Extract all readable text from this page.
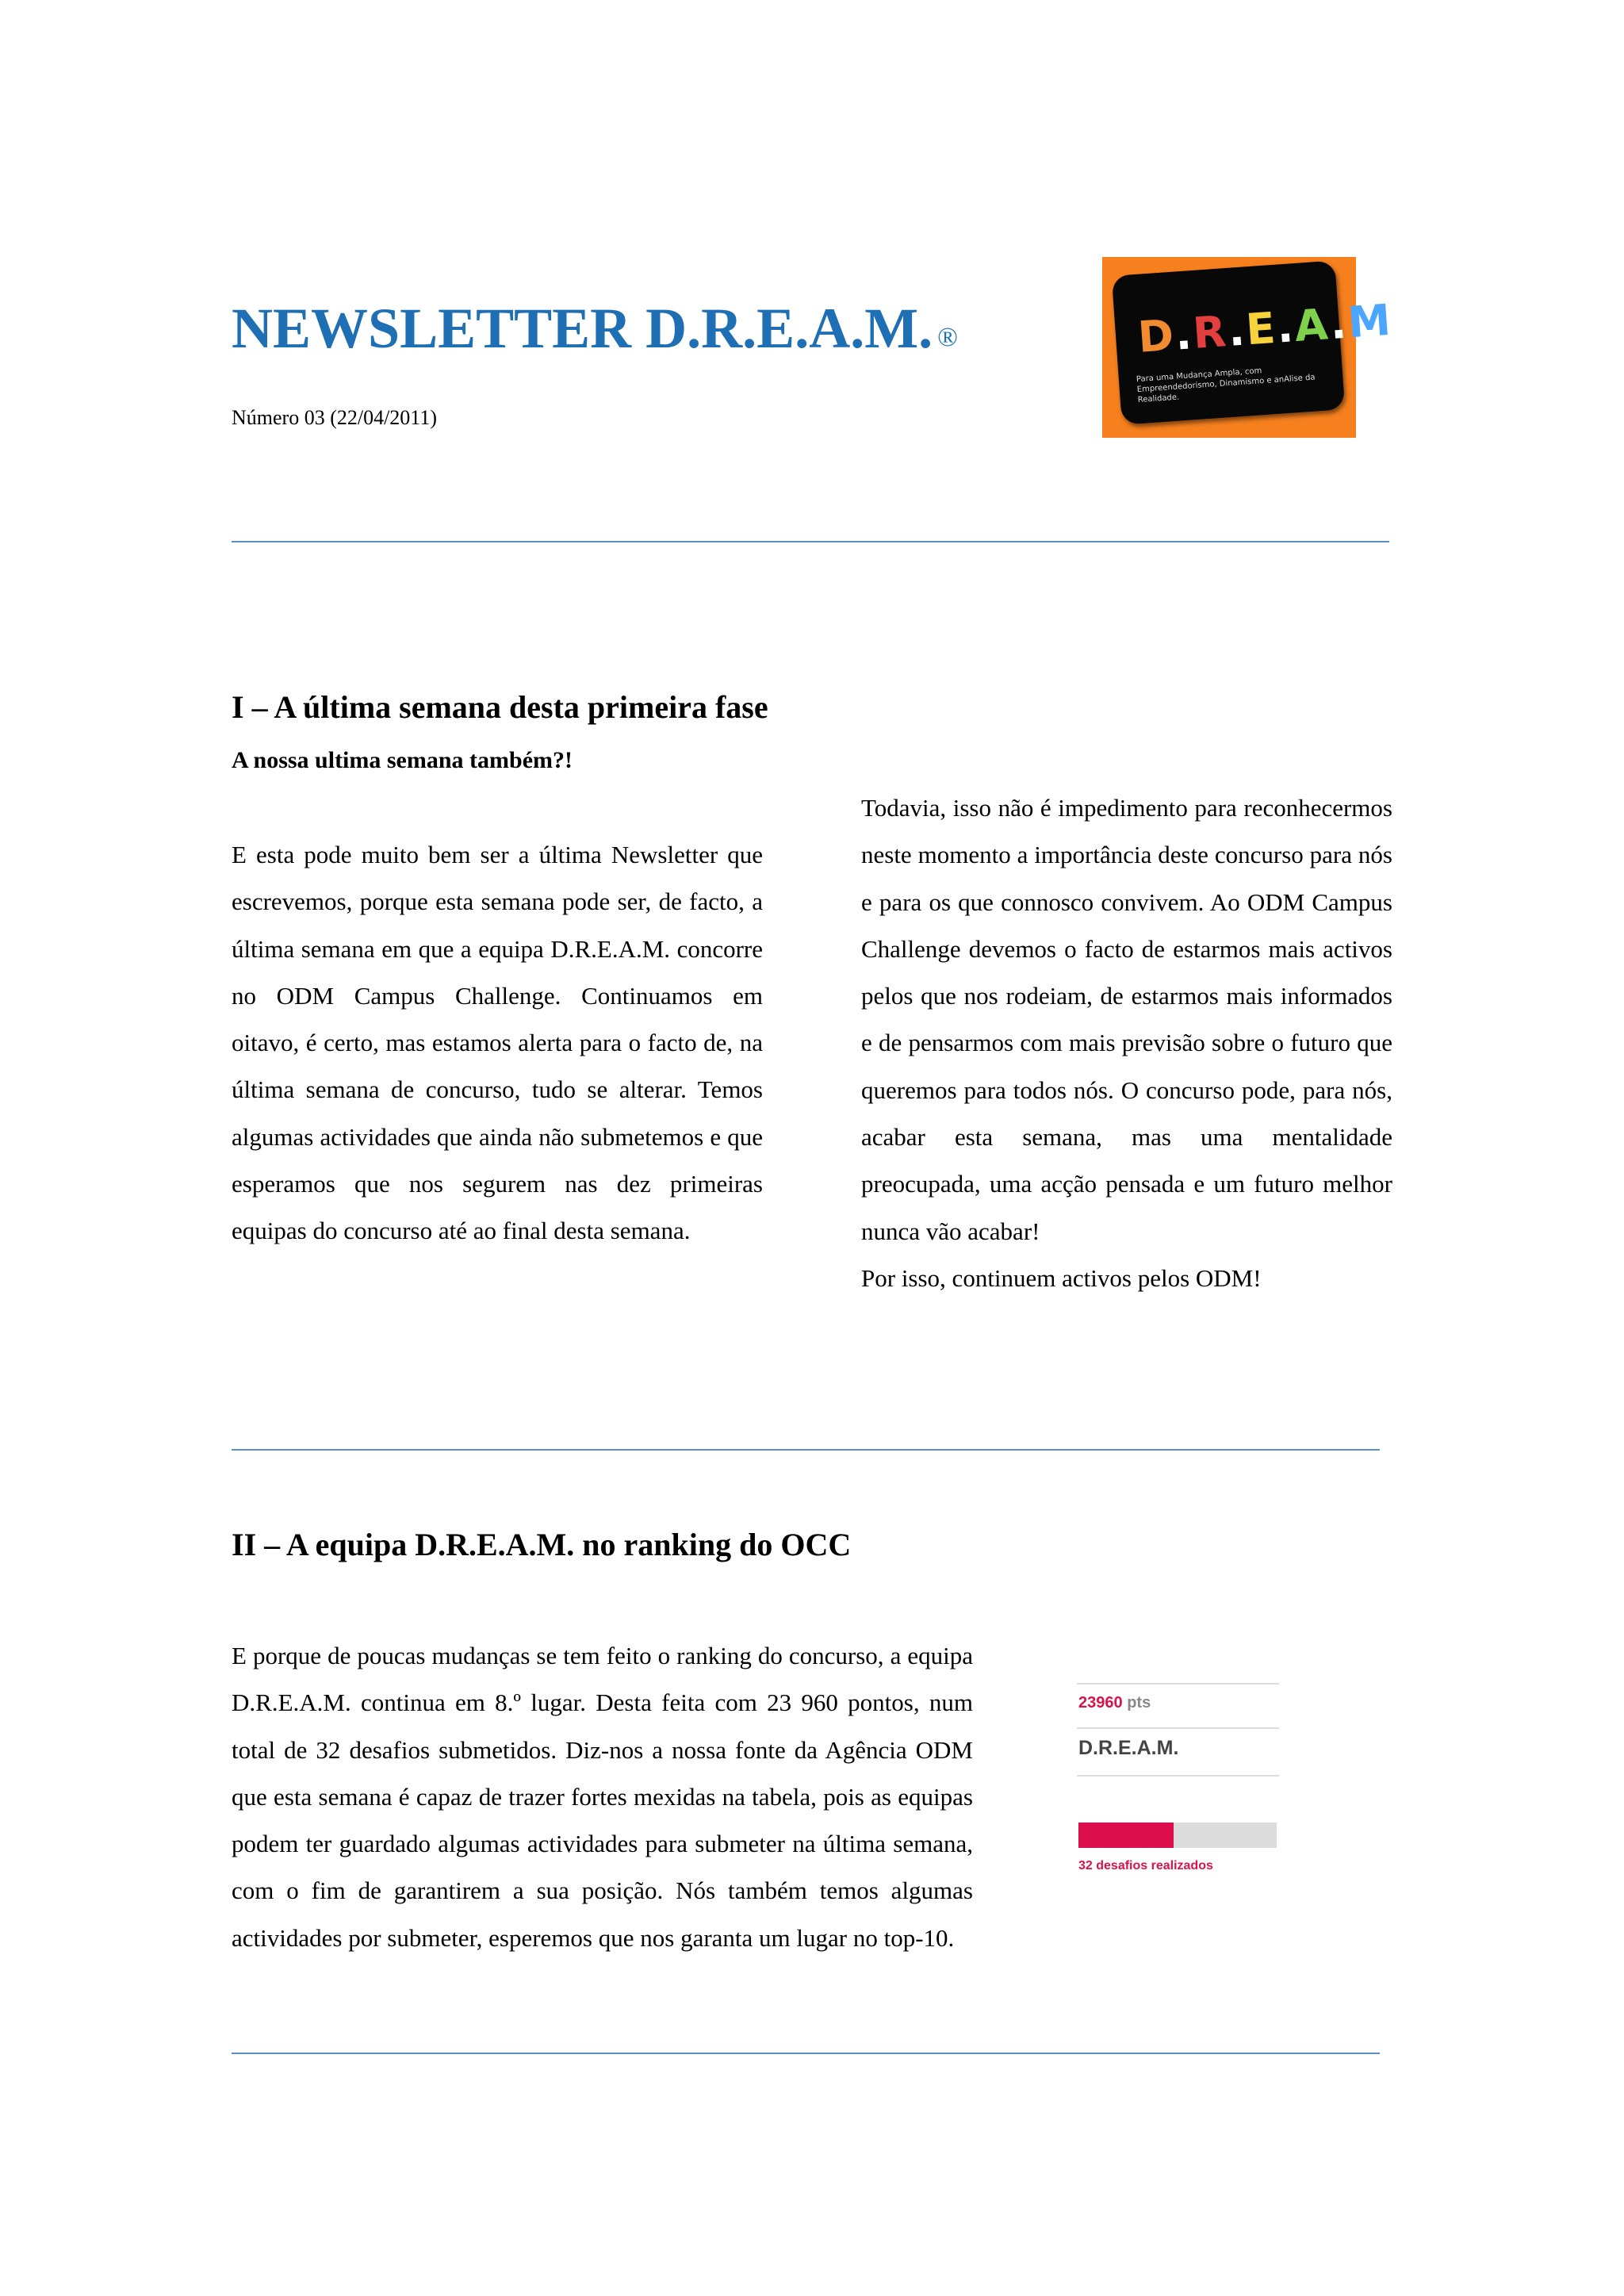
NEWSLETTER D.R.E.A.M. ®
Número 03 (22/04/2011)
D.R.E.A.M.
Para uma Mudança Ampla, com Empreendedorismo, Dinamismo e anAlise da Realidade.
I – A última semana desta primeira fase
A nossa ultima semana também?!

E esta pode muito bem ser a última Newsletter que escrevemos, porque esta semana pode ser, de facto, a última semana em que a equipa D.R.E.A.M. concorre no ODM Campus Challenge. Continuamos em oitavo, é certo, mas estamos alerta para o facto de, na última semana de concurso, tudo se alterar. Temos algumas actividades que ainda não submetemos e que esperamos que nos segurem nas dez primeiras equipas do concurso até ao final desta semana.

Todavia, isso não é impedimento para reconhecermos neste momento a importância deste concurso para nós e para os que connosco convivem. Ao ODM Campus Challenge devemos o facto de estarmos mais activos pelos que nos rodeiam, de estarmos mais informados e de pensarmos com mais previsão sobre o futuro que queremos para todos nós. O concurso pode, para nós, acabar esta semana, mas uma mentalidade preocupada, uma acção pensada e um futuro melhor nunca vão acabar!

Por isso, continuem activos pelos ODM!

II – A equipa D.R.E.A.M. no ranking do OCC

E porque de poucas mudanças se tem feito o ranking do concurso, a equipa D.R.E.A.M. continua em 8.º lugar. Desta feita com 23 960 pontos, num total de 32 desafios submetidos. Diz-nos a nossa fonte da Agência ODM que esta semana é capaz de trazer fortes mexidas na tabela, pois as equipas podem ter guardado algumas actividades para submeter na última semana, com o fim de garantirem a sua posição. Nós também temos algumas actividades por submeter, esperemos que nos garanta um lugar no top-10.

23960 pts
D.R.E.A.M.
32 desafios realizados
